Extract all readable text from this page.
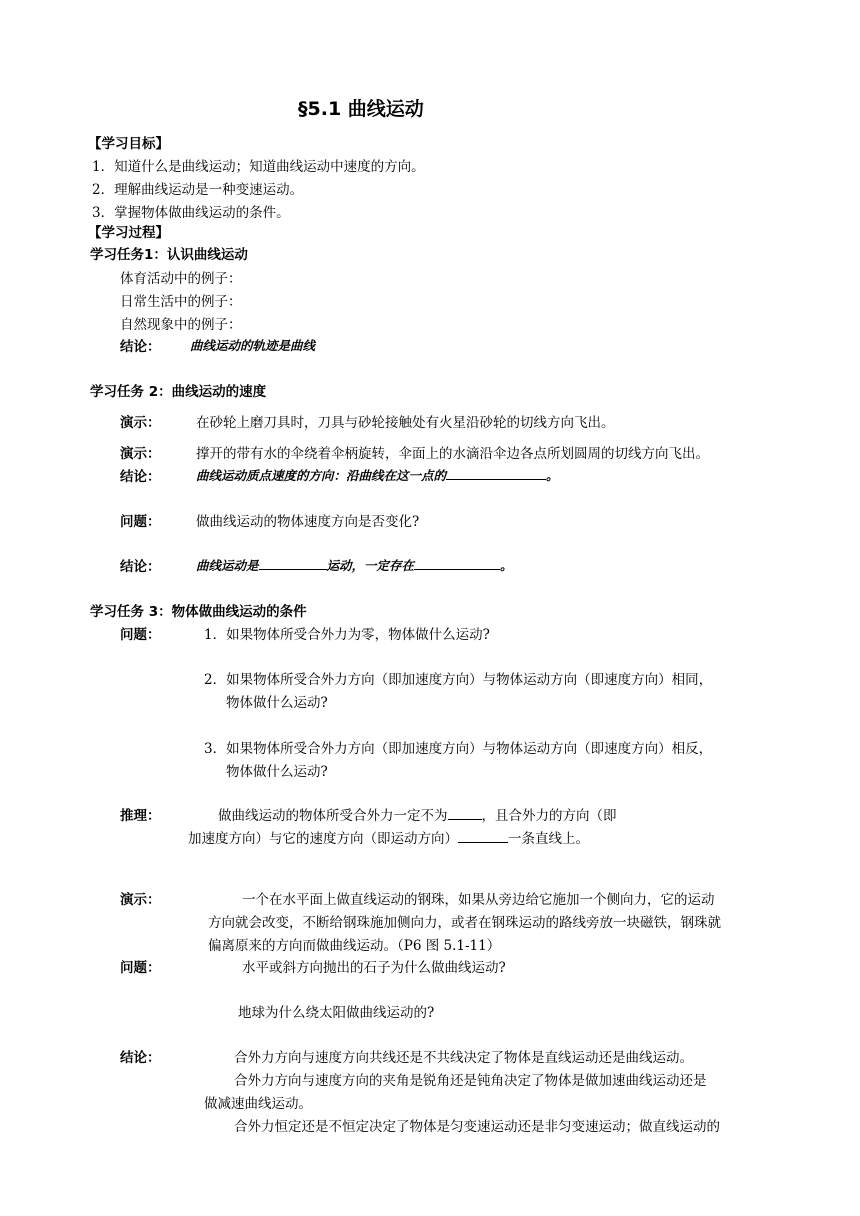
§5.1 曲线运动
【学习目标】
1．知道什么是曲线运动；知道曲线运动中速度的方向。
2．理解曲线运动是一种变速运动。
3．掌握物体做曲线运动的条件。
【学习过程】
学习任务1：认识曲线运动
体育活动中的例子：
日常生活中的例子：
自然现象中的例子：
结论： 曲线运动的轨迹是曲线
学习任务 2：曲线运动的速度
演示：	在砂轮上磨刀具时，刀具与砂轮接触处有火星沿砂轮的切线方向飞出。
演示：	撑开的带有水的伞绕着伞柄旋转，伞面上的水滴沿伞边各点所划圆周的切线方向飞出。
结论：	曲线运动质点速度的方向：沿曲线在这一点的	。
问题：	做曲线运动的物体速度方向是否变化?
结论：	曲线运动是	运动，一定存在	。
学习任务 3：物体做曲线运动的条件
问题：	1．如果物体所受合外力为零，物体做什么运动?
2．如果物体所受合外力方向（即加速度方向）与物体运动方向（即速度方向）相同，
物体做什么运动?
3．如果物体所受合外力方向（即加速度方向）与物体运动方向（即速度方向）相反，
物体做什么运动?
推理：	做曲线运动的物体所受合外力一定不为	，且合外力的方向（即
加速度方向）与它的速度方向（即运动方向）	一条直线上。
演示：	一个在水平面上做直线运动的钢珠，如果从旁边给它施加一个侧向力，它的运动
方向就会改变，不断给钢珠施加侧向力，或者在钢珠运动的路线旁放一块磁铁，钢珠就
偏离原来的方向而做曲线运动。（P6 图 5.1-11）
问题：	水平或斜方向抛出的石子为什么做曲线运动?
地球为什么绕太阳做曲线运动的?
结论：	合外力方向与速度方向共线还是不共线决定了物体是直线运动还是曲线运动。
合外力方向与速度方向的夹角是锐角还是钝角决定了物体是做加速曲线运动还是
做减速曲线运动。
合外力恒定还是不恒定决定了物体是匀变速运动还是非匀变速运动；做直线运动的
